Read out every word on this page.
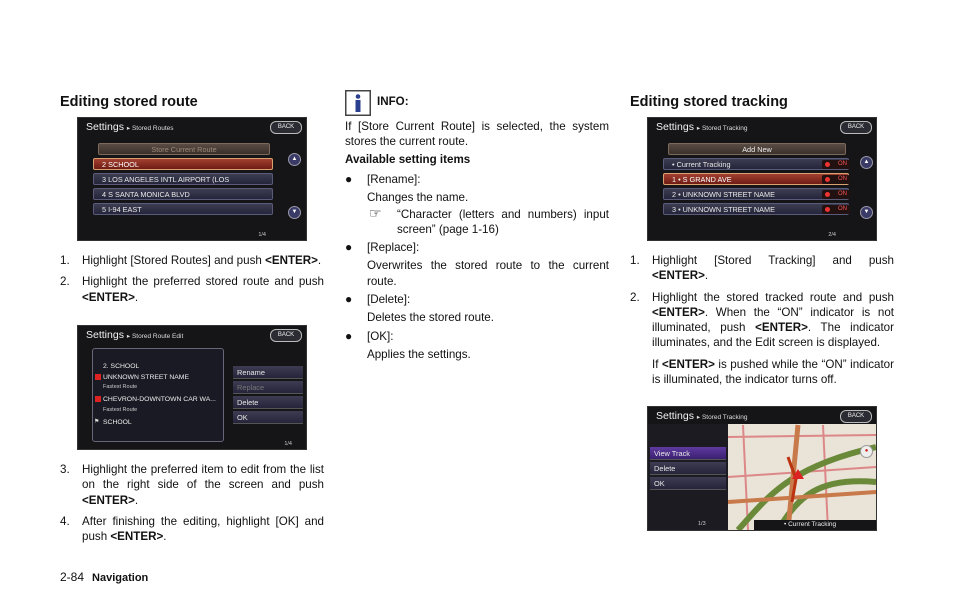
Editing stored route
Settings ▸ Stored Routes	BACK
Store Current Route
2 SCHOOL
3 LOS ANGELES INTL AIRPORT (LOS
4 S SANTA MONICA BLVD
5 I-94 EAST
▲
▼
1/4
1. Highlight [Stored Routes] and push <ENTER>.
2. Highlight the preferred stored route and push <ENTER>.
Settings ▸ Stored Route Edit	BACK
2. SCHOOL
UNKNOWN STREET NAME
Fastest Route
CHEVRON-DOWNTOWN CAR WA...
Fastest Route
⚑ SCHOOL
Rename
Replace
Delete
OK
1/4
3. Highlight the preferred item to edit from the list on the right side of the screen and push <ENTER>.
4. After finishing the editing, highlight [OK] and push <ENTER>.
INFO:
If [Store Current Route] is selected, the system stores the current route.
Available setting items
● [Rename]:
Changes the name.
☞ “Character (letters and numbers) input screen” (page 1-16)
● [Replace]:
Overwrites the stored route to the current route.
● [Delete]:
Deletes the stored route.
● [OK]:
Applies the settings.
Editing stored tracking
Settings ▸ Stored Tracking	BACK
Add New
• Current Tracking	ON
1 • S GRAND AVE	ON
2 • UNKNOWN STREET NAME	ON
3 • UNKNOWN STREET NAME	ON
▲
▼
2/4
1. Highlight [Stored Tracking] and push <ENTER>.
2. Highlight the stored tracked route and push <ENTER>. When the “ON” indicator is not illuminated, push <ENTER>. The indicator illuminates, and the Edit screen is displayed.
If <ENTER> is pushed while the “ON” indicator is illuminated, the indicator turns off.
Settings ▸ Stored Tracking	BACK
View Track
Delete
OK
1/3
●
• Current Tracking
2-84 Navigation
